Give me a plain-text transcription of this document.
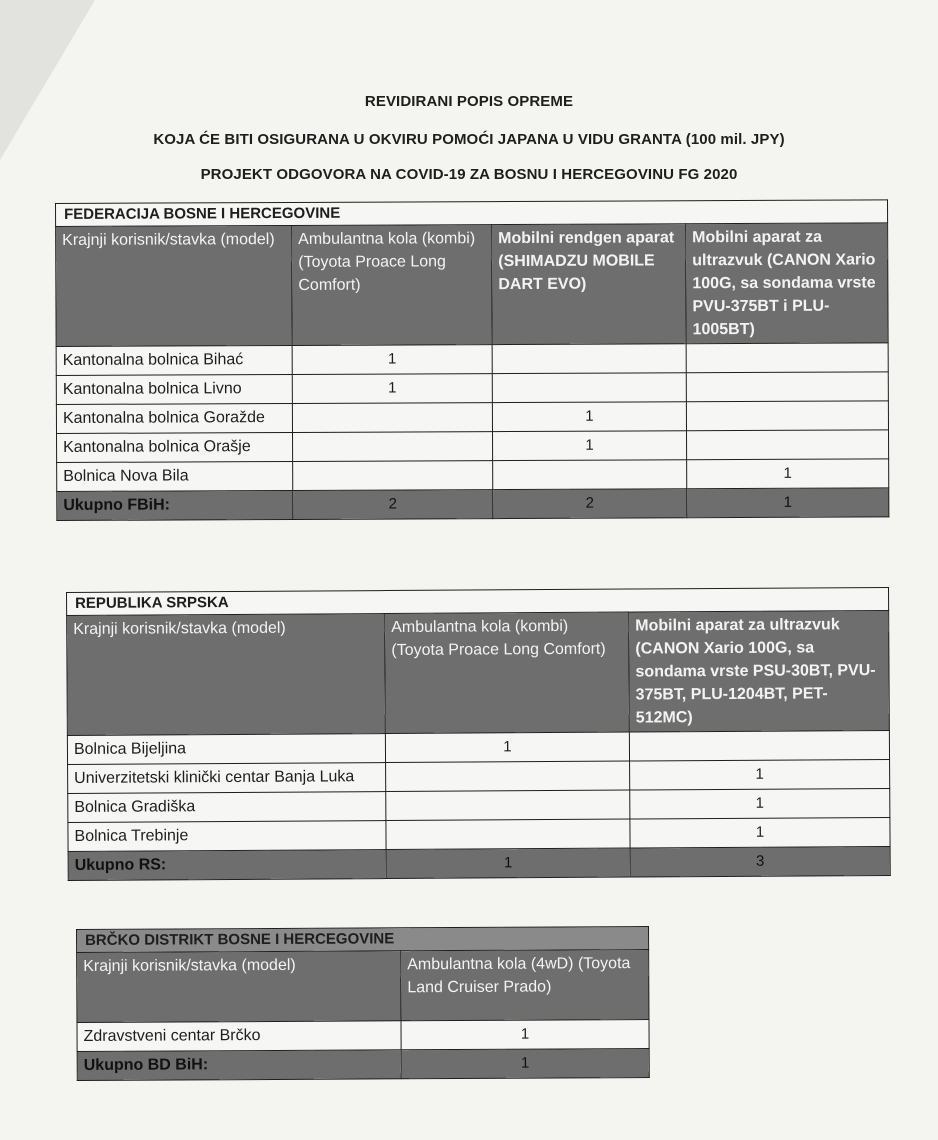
REVIDIRANI POPIS OPREME
KOJA ĆE BITI OSIGURANA U OKVIRU POMOĆI JAPANA U VIDU GRANTA (100 mil. JPY)
PROJEKT ODGOVORA NA COVID-19 ZA BOSNU I HERCEGOVINU FG 2020
FEDERACIJA BOSNE I HERCEGOVINE			
Krajnji korisnik/stavka (model)	Ambulantna kola (kombi) (Toyota Proace Long Comfort)	Mobilni rendgen aparat (SHIMADZU MOBILE DART EVO)	Mobilni aparat za ultrazvuk (CANON Xario 100G, sa sondama vrste PVU-375BT i PLU-1005BT)
Kantonalna bolnica Bihać	1		
Kantonalna bolnica Livno	1		
Kantonalna bolnica Goražde		1	
Kantonalna bolnica Orašje		1	
Bolnica Nova Bila			1
Ukupno FBiH:	2	2	1
REPUBLIKA SRPSKA		
Krajnji korisnik/stavka (model)	Ambulantna kola (kombi) (Toyota Proace Long Comfort)	Mobilni aparat za ultrazvuk (CANON Xario 100G, sa sondama vrste PSU-30BT, PVU-375BT, PLU-1204BT, PET-512MC)
Bolnica Bijeljina	1	
Univerzitetski klinički centar Banja Luka		1
Bolnica Gradiška		1
Bolnica Trebinje		1
Ukupno RS:	1	3
BRČKO DISTRIKT BOSNE I HERCEGOVINE	
Krajnji korisnik/stavka (model)	Ambulantna kola (4wD) (Toyota Land Cruiser Prado)
Zdravstveni centar Brčko	1
Ukupno BD BiH:	1
